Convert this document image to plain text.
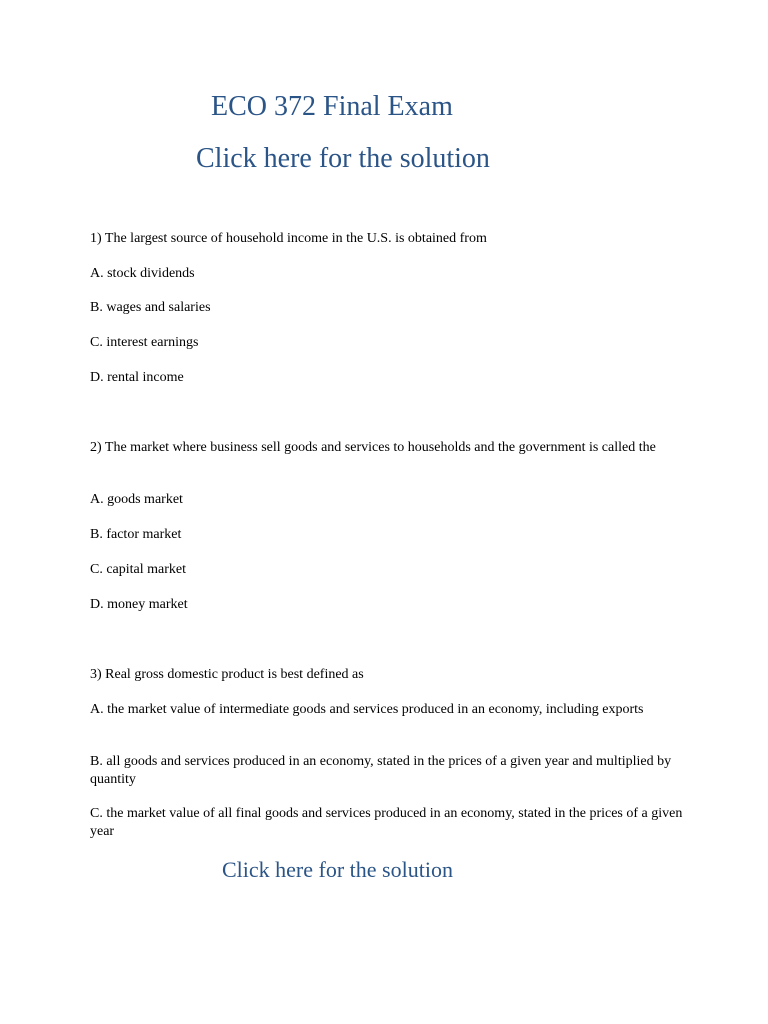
ECO 372 Final Exam
Click here for the solution

1) The largest source of household income in the U.S. is obtained from

A. stock dividends

B. wages and salaries

C. interest earnings

D. rental income

2) The market where business sell goods and services to households and the government is called the

A. goods market

B. factor market

C. capital market

D. money market

3) Real gross domestic product is best defined as

A. the market value of intermediate goods and services produced in an economy, including exports

B. all goods and services produced in an economy, stated in the prices of a given year and multiplied by quantity

C. the market value of all final goods and services produced in an economy, stated in the prices of a given year

Click here for the solution
